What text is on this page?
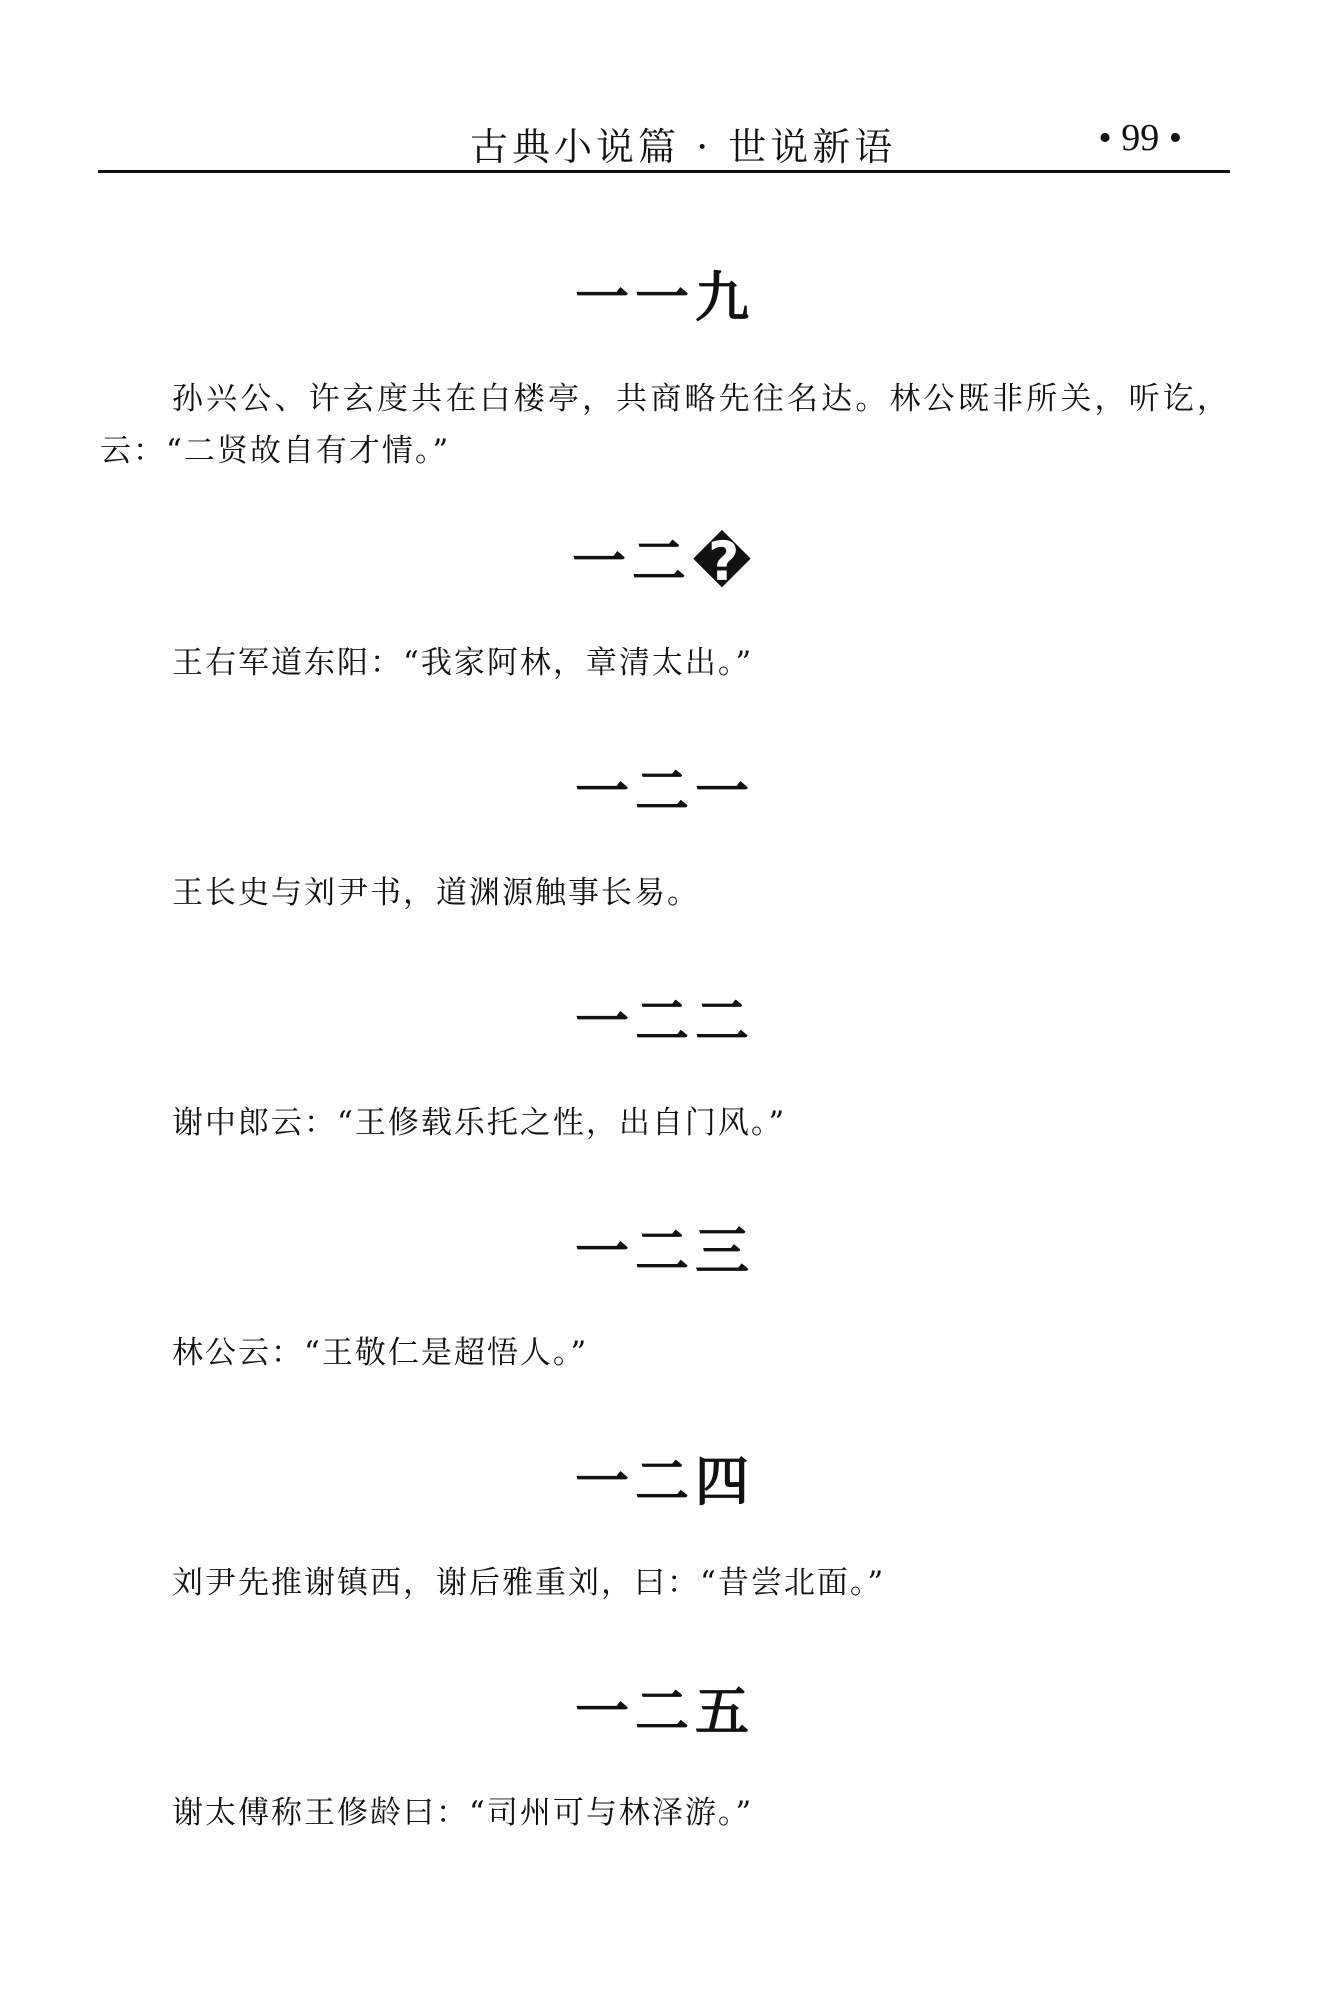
古典小说篇 · 世说新语	• 99 •
一一九

孙兴公、许玄度共在白楼亭，共商略先往名达。林公既非所关，听讫，云：“二贤故自有才情。”

一二�

王右军道东阳：“我家阿林，章清太出。”

一二一

王长史与刘尹书，道渊源触事长易。

一二二

谢中郎云：“王修载乐托之性，出自门风。”

一二三

林公云：“王敬仁是超悟人。”

一二四

刘尹先推谢镇西，谢后雅重刘，曰：“昔尝北面。”

一二五

谢太傅称王修龄曰：“司州可与林泽游。”
